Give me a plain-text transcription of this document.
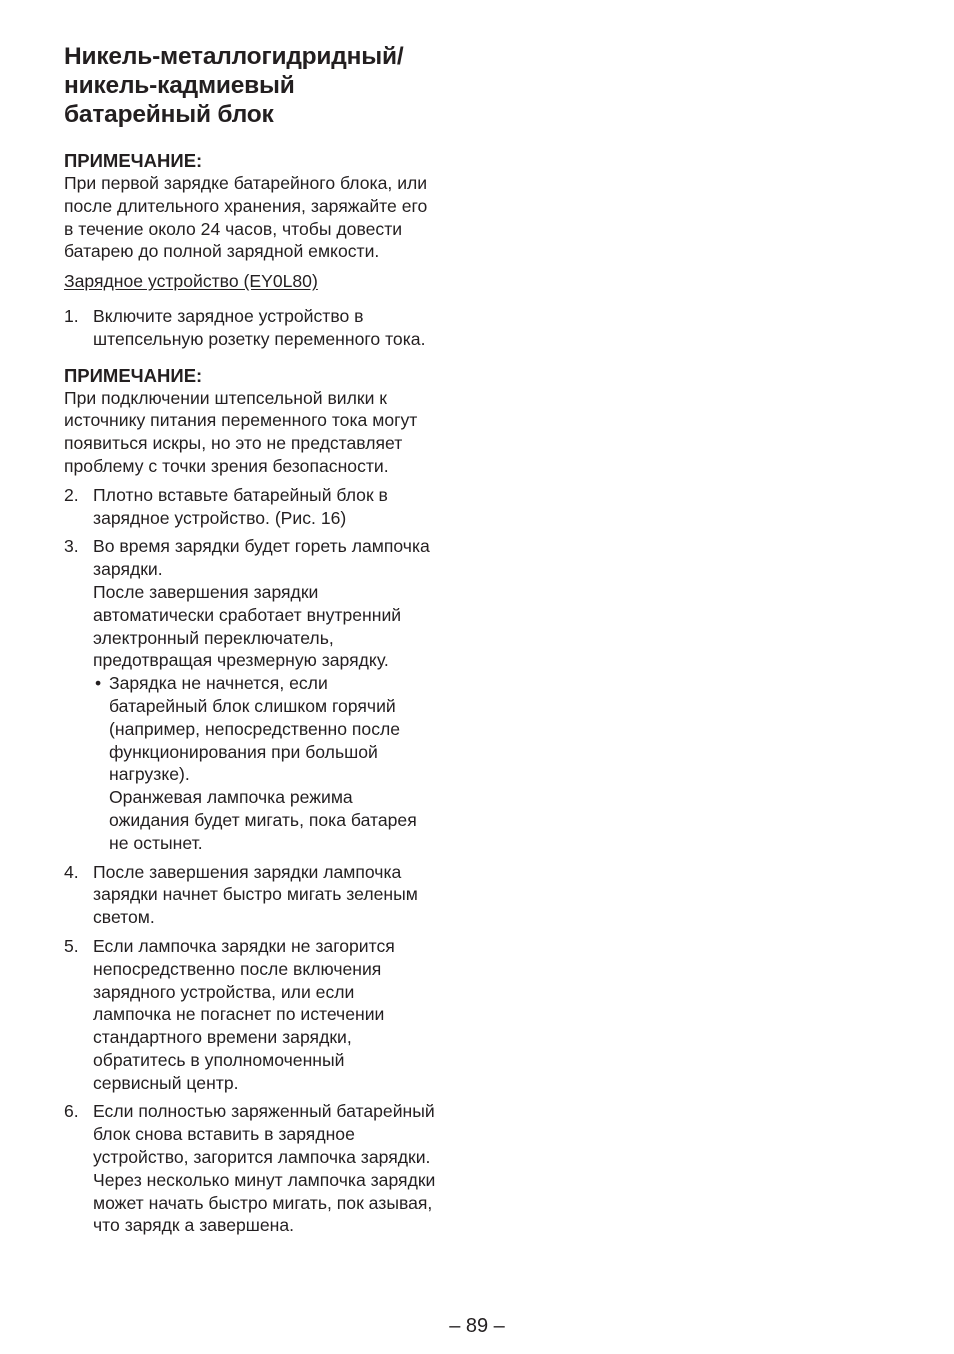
Никель-металлогидридный/
никель-кадмиевый
батарейный блок

ПРИМЕЧАНИЕ:

При первой зарядке батарейного блока, или
после длительного хранения, заряжайте его
в течение около 24 часов, чтобы довести
батарею до полной зарядной емкости.

Зарядное устройство (EY0L80)

1. Включите зарядное устройство в
штепсельную розетку переменного тока.

ПРИМЕЧАНИЕ:

При подключении штепсельной вилки к
источнику питания переменного тока могут
появиться искры, но это не представляет
проблему с точки зрения безопасности.

2. Плотно вставьте батарейный блок в
зарядное устройство. (Рис. 16)
3. Во время зарядки будет гореть лампочка
зарядки.
После завершения зарядки
автоматически сработает внутренний
электронный переключатель,
предотвращая чрезмерную зарядку.
• Зарядка не начнется, если
батарейный блок слишком горячий
(например, непосредственно после
функционирования при большой
нагрузке).
Оранжевая лампочка режима
ожидания будет мигать, пока батарея
не остынет.
4. После завершения зарядки лампочка
зарядки начнет быстро мигать зеленым
светом.
5. Если лампочка зарядки не загорится
непосредственно после включения
зарядного устройства, или если
лампочка не погаснет по истечении
стандартного времени зарядки,
обратитесь в уполномоченный
сервисный центр.
6. Если полностью заряженный батарейный
блок снова вставить в зарядное
устройство, загорится лампочка зарядки.
Через несколько минут лампочка зарядки
может начать быстро мигать, пок азывая,
что зарядк а завершена.
– 89 –
